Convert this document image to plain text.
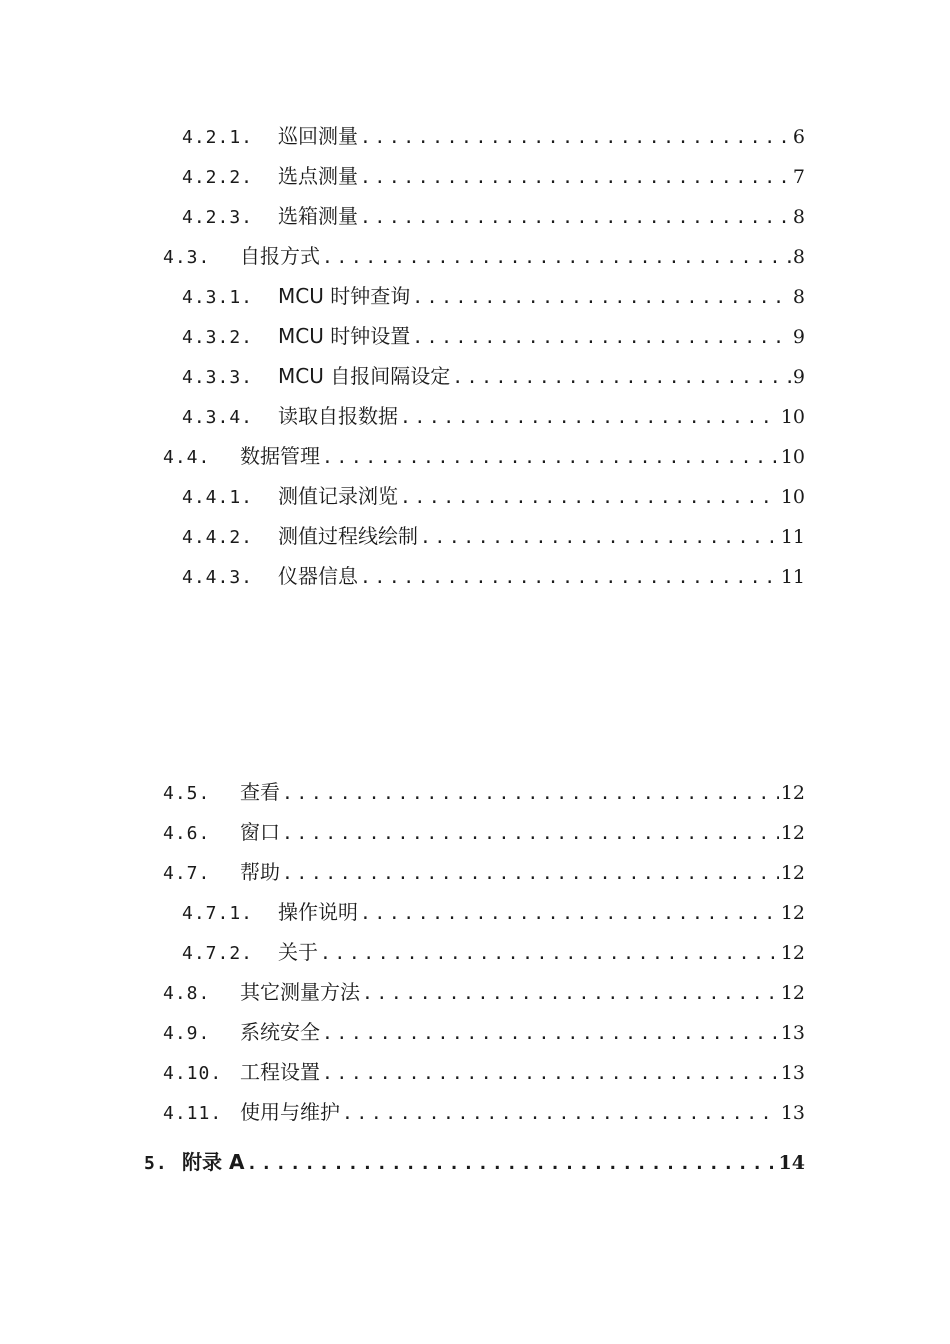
4.2.1.	巡回测量 .....	6
4.2.2.	选点测量 .....	7
4.2.3.	选箱测量 .....	8
4.3.	自报方式 .....	8
4.3.1.	MCU 时钟查询 .....	8
4.3.2.	MCU 时钟设置 .....	9
4.3.3.	MCU 自报间隔设定 .....	9
4.3.4.	读取自报数据 .....	10
4.4.	数据管理 .....	10
4.4.1.	测值记录浏览 .....	10
4.4.2.	测值过程线绘制 .....	11
4.4.3.	仪器信息 .....	11
4.5.	查看 .....	12
4.6.	窗口 .....	12
4.7.	帮助 .....	12
4.7.1.	操作说明 .....	12
4.7.2.	关于 .....	12
4.8.	其它测量方法 .....	12
4.9.	系统安全 .....	13
4.10. 工程设置 .....	13
4.11. 使用与维护 .....	13
5. 附录 A .....	14
